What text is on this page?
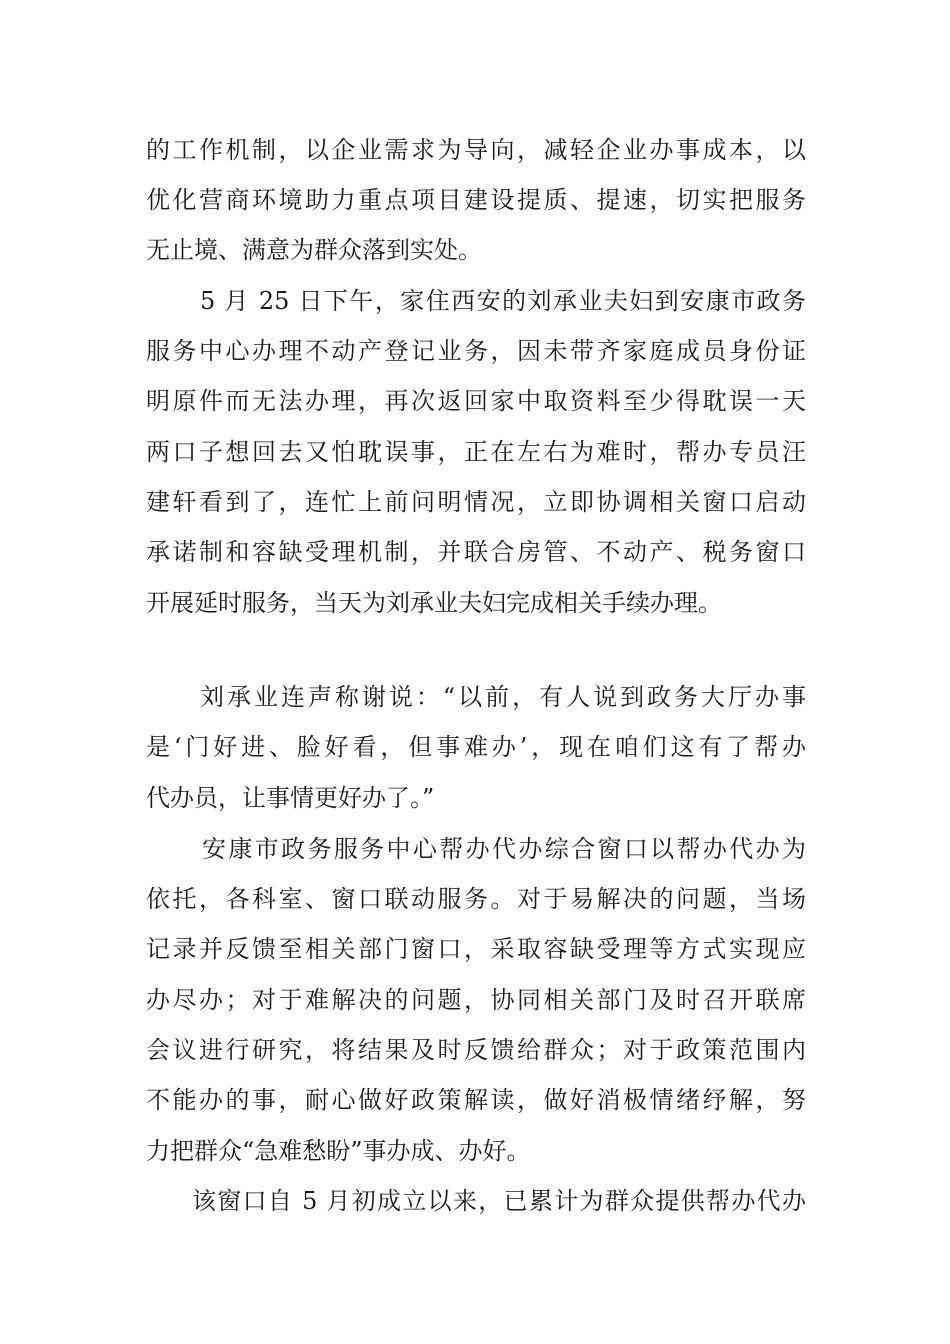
的工作机制，以企业需求为导向，减轻企业办事成本，以
优化营商环境助力重点项目建设提质、提速，切实把服务
无止境、满意为群众落到实处。
5 月 25 日下午，家住西安的刘承业夫妇到安康市政务
服务中心办理不动产登记业务，因未带齐家庭成员身份证
明原件而无法办理，再次返回家中取资料至少得耽误一天
两口子想回去又怕耽误事，正在左右为难时，帮办专员汪
建轩看到了，连忙上前问明情况，立即协调相关窗口启动
承诺制和容缺受理机制，并联合房管、不动产、税务窗口
开展延时服务，当天为刘承业夫妇完成相关手续办理。
刘承业连声称谢说：“以前，有人说到政务大厅办事
是‘门好进、脸好看，但事难办’，现在咱们这有了帮办
代办员，让事情更好办了。”
安康市政务服务中心帮办代办综合窗口以帮办代办为
依托，各科室、窗口联动服务。对于易解决的问题，当场
记录并反馈至相关部门窗口，采取容缺受理等方式实现应
办尽办；对于难解决的问题，协同相关部门及时召开联席
会议进行研究，将结果及时反馈给群众；对于政策范围内
不能办的事，耐心做好政策解读，做好消极情绪纾解，努
力把群众“急难愁盼”事办成、办好。
该窗口自 5 月初成立以来，已累计为群众提供帮办代办
